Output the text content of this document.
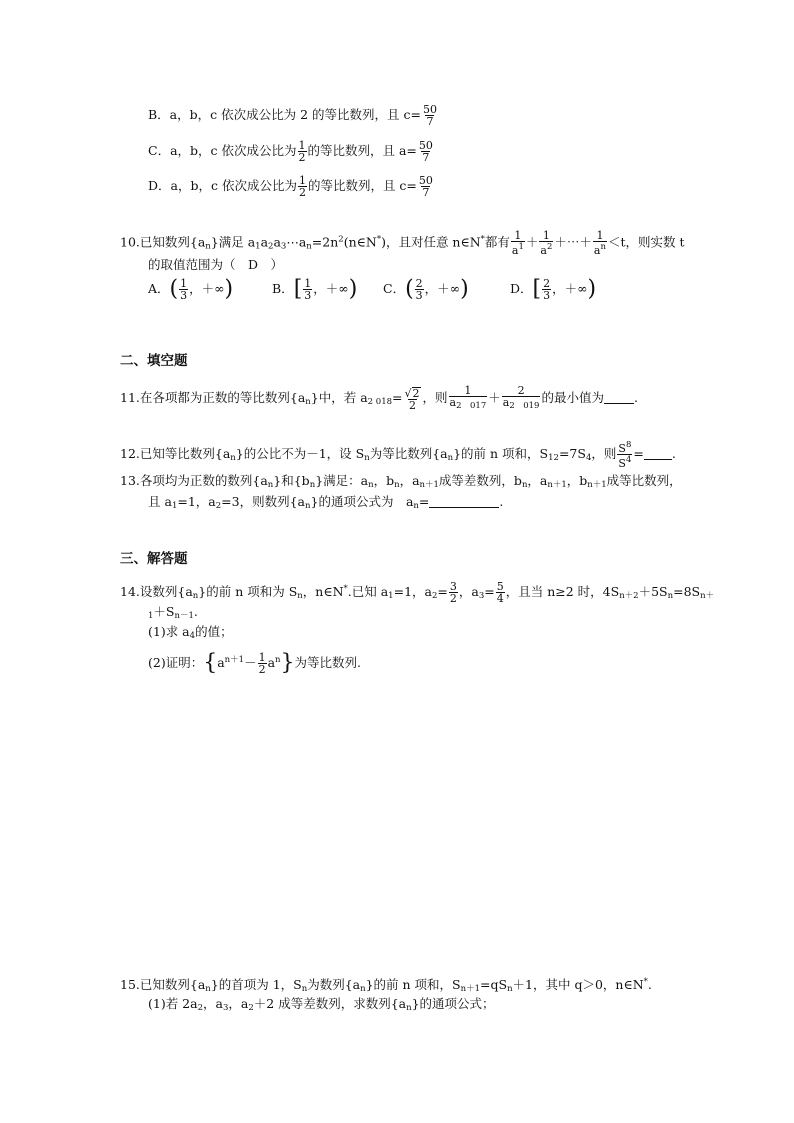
B．a，b，c 依次成公比为 2 的等比数列，且 $c= \frac{50}{7}$
C．a，b，c 依次成公比为 $\frac{1}{2}$ 的等比数列，且 $a= \frac{50}{7}$
D．a，b，c 依次成公比为 $\frac{1}{2}$ 的等比数列，且 $c= \frac{50}{7}$
10.已知数列$\{a_n\}$满足 $a_1a_2a_3\cdots a_n=2n^2(n\in N^*)$，且对任意 n∈N*都有 $\frac{1}{a^1} + \frac{1}{a^2}$ ＋⋯＋ $\frac{1}{a^n} <t$，则实数 t
的取值范围为（　D　）
A．( $\frac{1}{3}$ ，＋∞)	B．[ $\frac{1}{3}$ ，＋∞) C．( $\frac{2}{3}$ ，＋∞)	D．[ $\frac{2}{3}$ ，＋∞)
二、填空题
11.在各项都为正数的等比数列$\{a_n\}$中，若 $a_{2 018}= \frac{√2}{2}$ ，则 $\frac{1}{a_{2 017}} + \frac{2}{a_{2 019}}$ 的最小值为 .
12.已知等比数列$\{a_n\}$的公比不为－1，设 $S_n$为等比数列$\{a_n\}$的前 n 项和，$S_{12}=7S_4$，则 $\frac{S^8}{S^4}$ = .
13.各项均为正数的数列$\{a_n\}$和$\{b_n\}$满足：$a_n$，$b_n$，$a_{n+1}$成等差数列，$b_n$，$a_{n+1}$，$b_{n+1}$成等比数列，
且 $a_1=1$，$a_2=3$，则数列$\{a_n\}$的通项公式为　$a_n=$	.
三、解答题
14.设数列$\{a_n\}$的前 n 项和为 $S_n$，n∈N*.已知 $a_1=1$，$a_2= \frac{3}{2}$ ，$a_3= \frac{5}{4}$ ，且当 n≥2 时，$4S_{n+2}+5S_n=8S_{n+}$
$_1+S_{n-1}$.
(1)求 $a_4$的值；
(2)证明：$\{a^{n+1}- \frac{1}{2} a^n\}$为等比数列.
15.已知数列$\{a_n\}$的首项为 1，$S_n$为数列$\{a_n\}$的前 n 项和，$S_{n+1}=qS_n+1$，其中 q＞0，n∈N*.
(1)若 $2a_2$，$a_3$，$a_2+2$ 成等差数列，求数列$\{a_n\}$的通项公式；
